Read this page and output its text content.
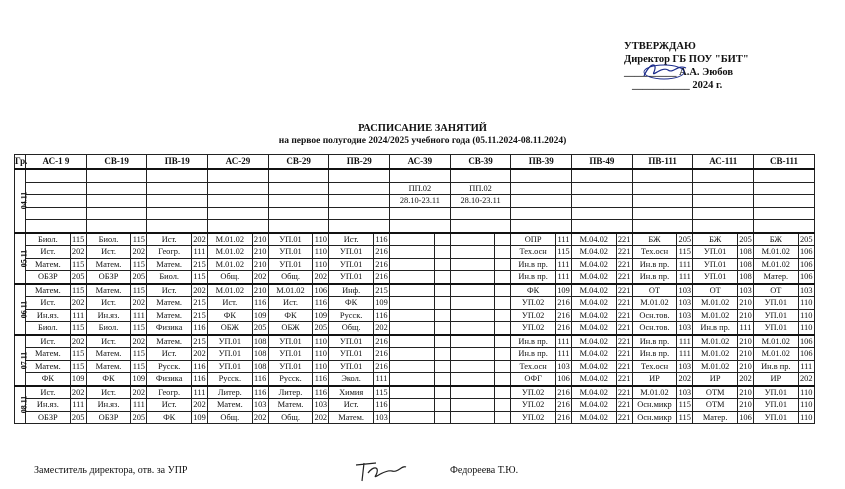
УТВЕРЖДАЮ
Директор ГБ ПОУ "БИТ"
__________ А.А. Эюбов
___________ 2024 г.
РАСПИСАНИЕ ЗАНЯТИЙ
на первое полугодие 2024/2025 учебного года (05.11.2024-08.11.2024)
Гр.	АС-1 9		СВ-19		ПВ-19		АС-29		СВ-29		ПВ-29		АС-39		СВ-39		ПВ-39		ПВ-49		ПВ-111		АС-111		СВ-111	
04.11																										
													ПП.02		ПП.02											
													28.10-23.11		28.10-23.11											

05.11	Биол.	115	Биол.	115	Ист.	202	М.01.02	210	УП.01	110	Ист.	116					ОПР	111	М.04.02	221	БЖ	205	БЖ	205	БЖ	205
	Ист.	202	Ист.	202	Геогр.	111	М.01.02	210	УП.01	110	УП.01	216					Тех.осн	115	М.04.02	221	Тех.осн	115	УП.01	108	М.01.02	106
	Матем.	115	Матем.	115	Матем.	215	М.01.02	210	УП.01	110	УП.01	216					Ин.в пр.	111	М.04.02	221	Ин.в пр.	111	УП.01	108	М.01.02	106
	ОБЗР	205	ОБЗР	205	Биол.	115	Общ.	202	Общ.	202	УП.01	216					Ин.в пр.	111	М.04.02	221	Ин.в пр.	111	УП.01	108	Матер.	106
06.11	Матем.	115	Матем.	115	Ист.	202	М.01.02	210	М.01.02	106	Инф.	215					ФК	109	М.04.02	221	ОТ	103	ОТ	103	ОТ	103
	Ист.	202	Ист.	202	Матем.	215	Ист.	116	Ист.	116	ФК	109					УП.02	216	М.04.02	221	М.01.02	103	М.01.02	210	УП.01	110
	Ин.яз.	111	Ин.яз.	111	Матем.	215	ФК	109	ФК	109	Русск.	116					УП.02	216	М.04.02	221	Осн.тов.	103	М.01.02	210	УП.01	110
	Биол.	115	Биол.	115	Физика	116	ОБЖ	205	ОБЖ	205	Общ.	202					УП.02	216	М.04.02	221	Осн.тов.	103	Ин.в пр.	111	УП.01	110
07.11	Ист.	202	Ист.	202	Матем.	215	УП.01	108	УП.01	110	УП.01	216					Ин.в пр.	111	М.04.02	221	Ин.в пр.	111	М.01.02	210	М.01.02	106
	Матем.	115	Матем.	115	Ист.	202	УП.01	108	УП.01	110	УП.01	216					Ин.в пр.	111	М.04.02	221	Ин.в пр.	111	М.01.02	210	М.01.02	106
	Матем.	115	Матем.	115	Русск.	116	УП.01	108	УП.01	110	УП.01	216					Тех.осн	103	М.04.02	221	Тех.осн	103	М.01.02	210	Ин.в пр.	111
	ФК	109	ФК	109	Физика	116	Русск.	116	Русск.	116	Экол.	111					ОФГ	106	М.04.02	221	ИР	202	ИР	202	ИР	202
08.11	Ист.	202	Ист.	202	Геогр.	111	Литер.	116	Литер.	116	Химия	115					УП.02	216	М.04.02	221	М.01.02	103	ОТМ	210	УП.01	110
	Ин.яз.	111	Ин.яз.	111	Ист.	202	Матем.	103	Матем.	103	Ист.	116					УП.02	216	М.04.02	221	Осн.микр	115	ОТМ	210	УП.01	110
	ОБЗР	205	ОБЗР	205	ФК	109	Общ.	202	Общ.	202	Матем.	103					УП.02	216	М.04.02	221	Осн.микр	115	Матер.	106	УП.01	110
Заместитель директора, отв. за УПР	Федореева Т.Ю.
